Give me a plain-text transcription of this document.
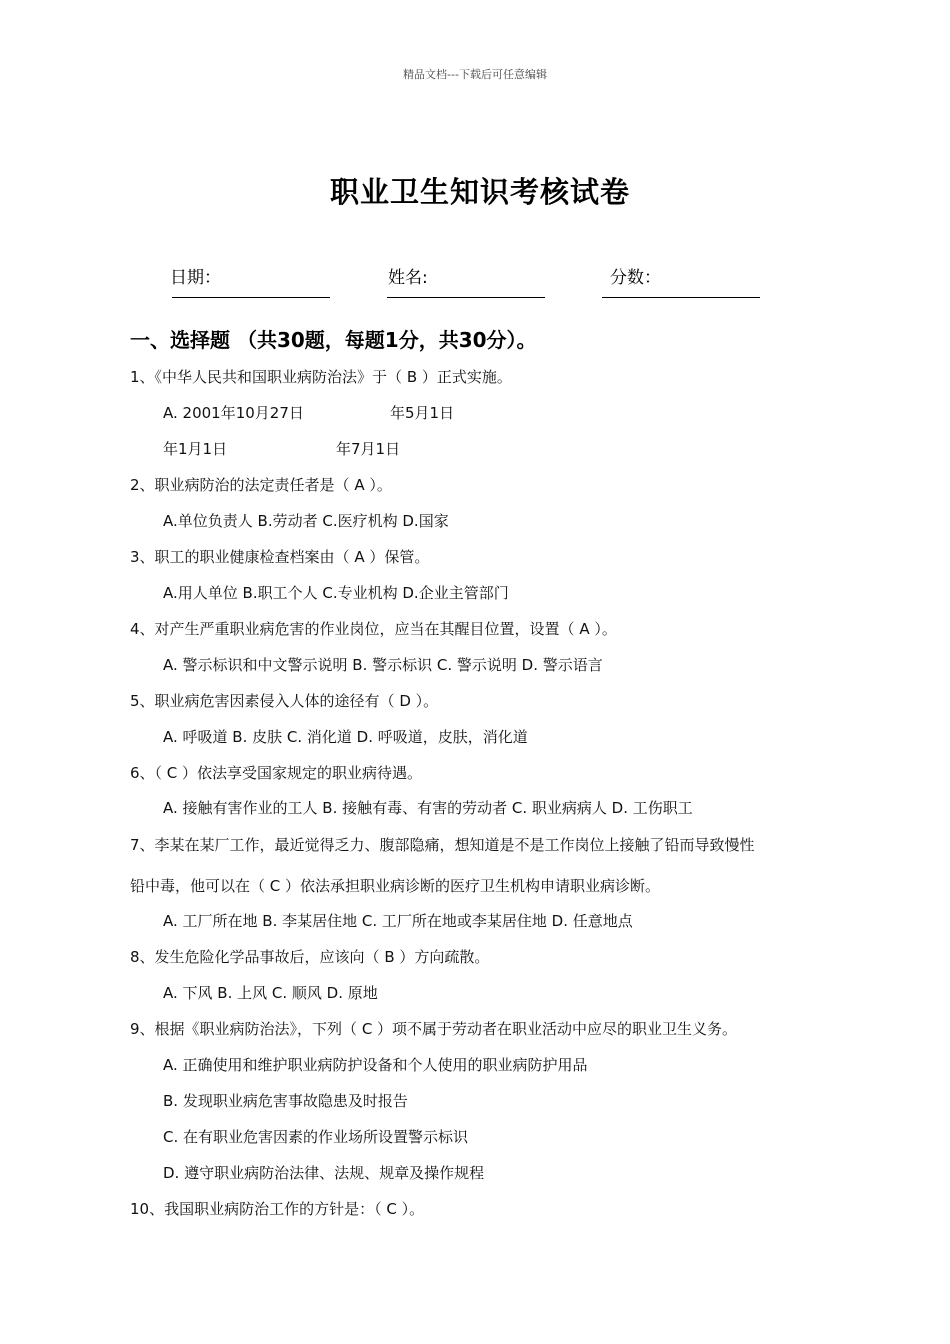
精品文档---下载后可任意编辑
职业卫生知识考核试卷
日期：	姓名:	分数：
一、选择题 （共30题，每题1分，共30分）。
1、《中华人民共和国职业病防治法》于（ B ）正式实施。
A. 2001年10月27日	年5月1日
年1月1日	年7月1日
2、职业病防治的法定责任者是（ A ）。
A.单位负责人 B.劳动者 C.医疗机构 D.国家
3、职工的职业健康检查档案由（ A ）保管。
A.用人单位 B.职工个人 C.专业机构 D.企业主管部门
4、对产生严重职业病危害的作业岗位，应当在其醒目位置，设置（ A ）。
A. 警示标识和中文警示说明 B. 警示标识 C. 警示说明 D. 警示语言
5、职业病危害因素侵入人体的途径有（ D ）。
A. 呼吸道 B. 皮肤 C. 消化道 D. 呼吸道，皮肤，消化道
6、（ C ）依法享受国家规定的职业病待遇。
A. 接触有害作业的工人 B. 接触有毒、有害的劳动者 C. 职业病病人 D. 工伤职工
7、李某在某厂工作，最近觉得乏力、腹部隐痛，想知道是不是工作岗位上接触了铅而导致慢性
铅中毒，他可以在（ C ）依法承担职业病诊断的医疗卫生机构申请职业病诊断。
A. 工厂所在地 B. 李某居住地 C. 工厂所在地或李某居住地 D. 任意地点
8、发生危险化学品事故后，应该向（ B ）方向疏散。
A. 下风 B. 上风 C. 顺风 D. 原地
9、根据《职业病防治法》，下列（ C ）项不属于劳动者在职业活动中应尽的职业卫生义务。
A. 正确使用和维护职业病防护设备和个人使用的职业病防护用品
B. 发现职业病危害事故隐患及时报告
C. 在有职业危害因素的作业场所设置警示标识
D. 遵守职业病防治法律、法规、规章及操作规程
10、我国职业病防治工作的方针是：（ C ）。
